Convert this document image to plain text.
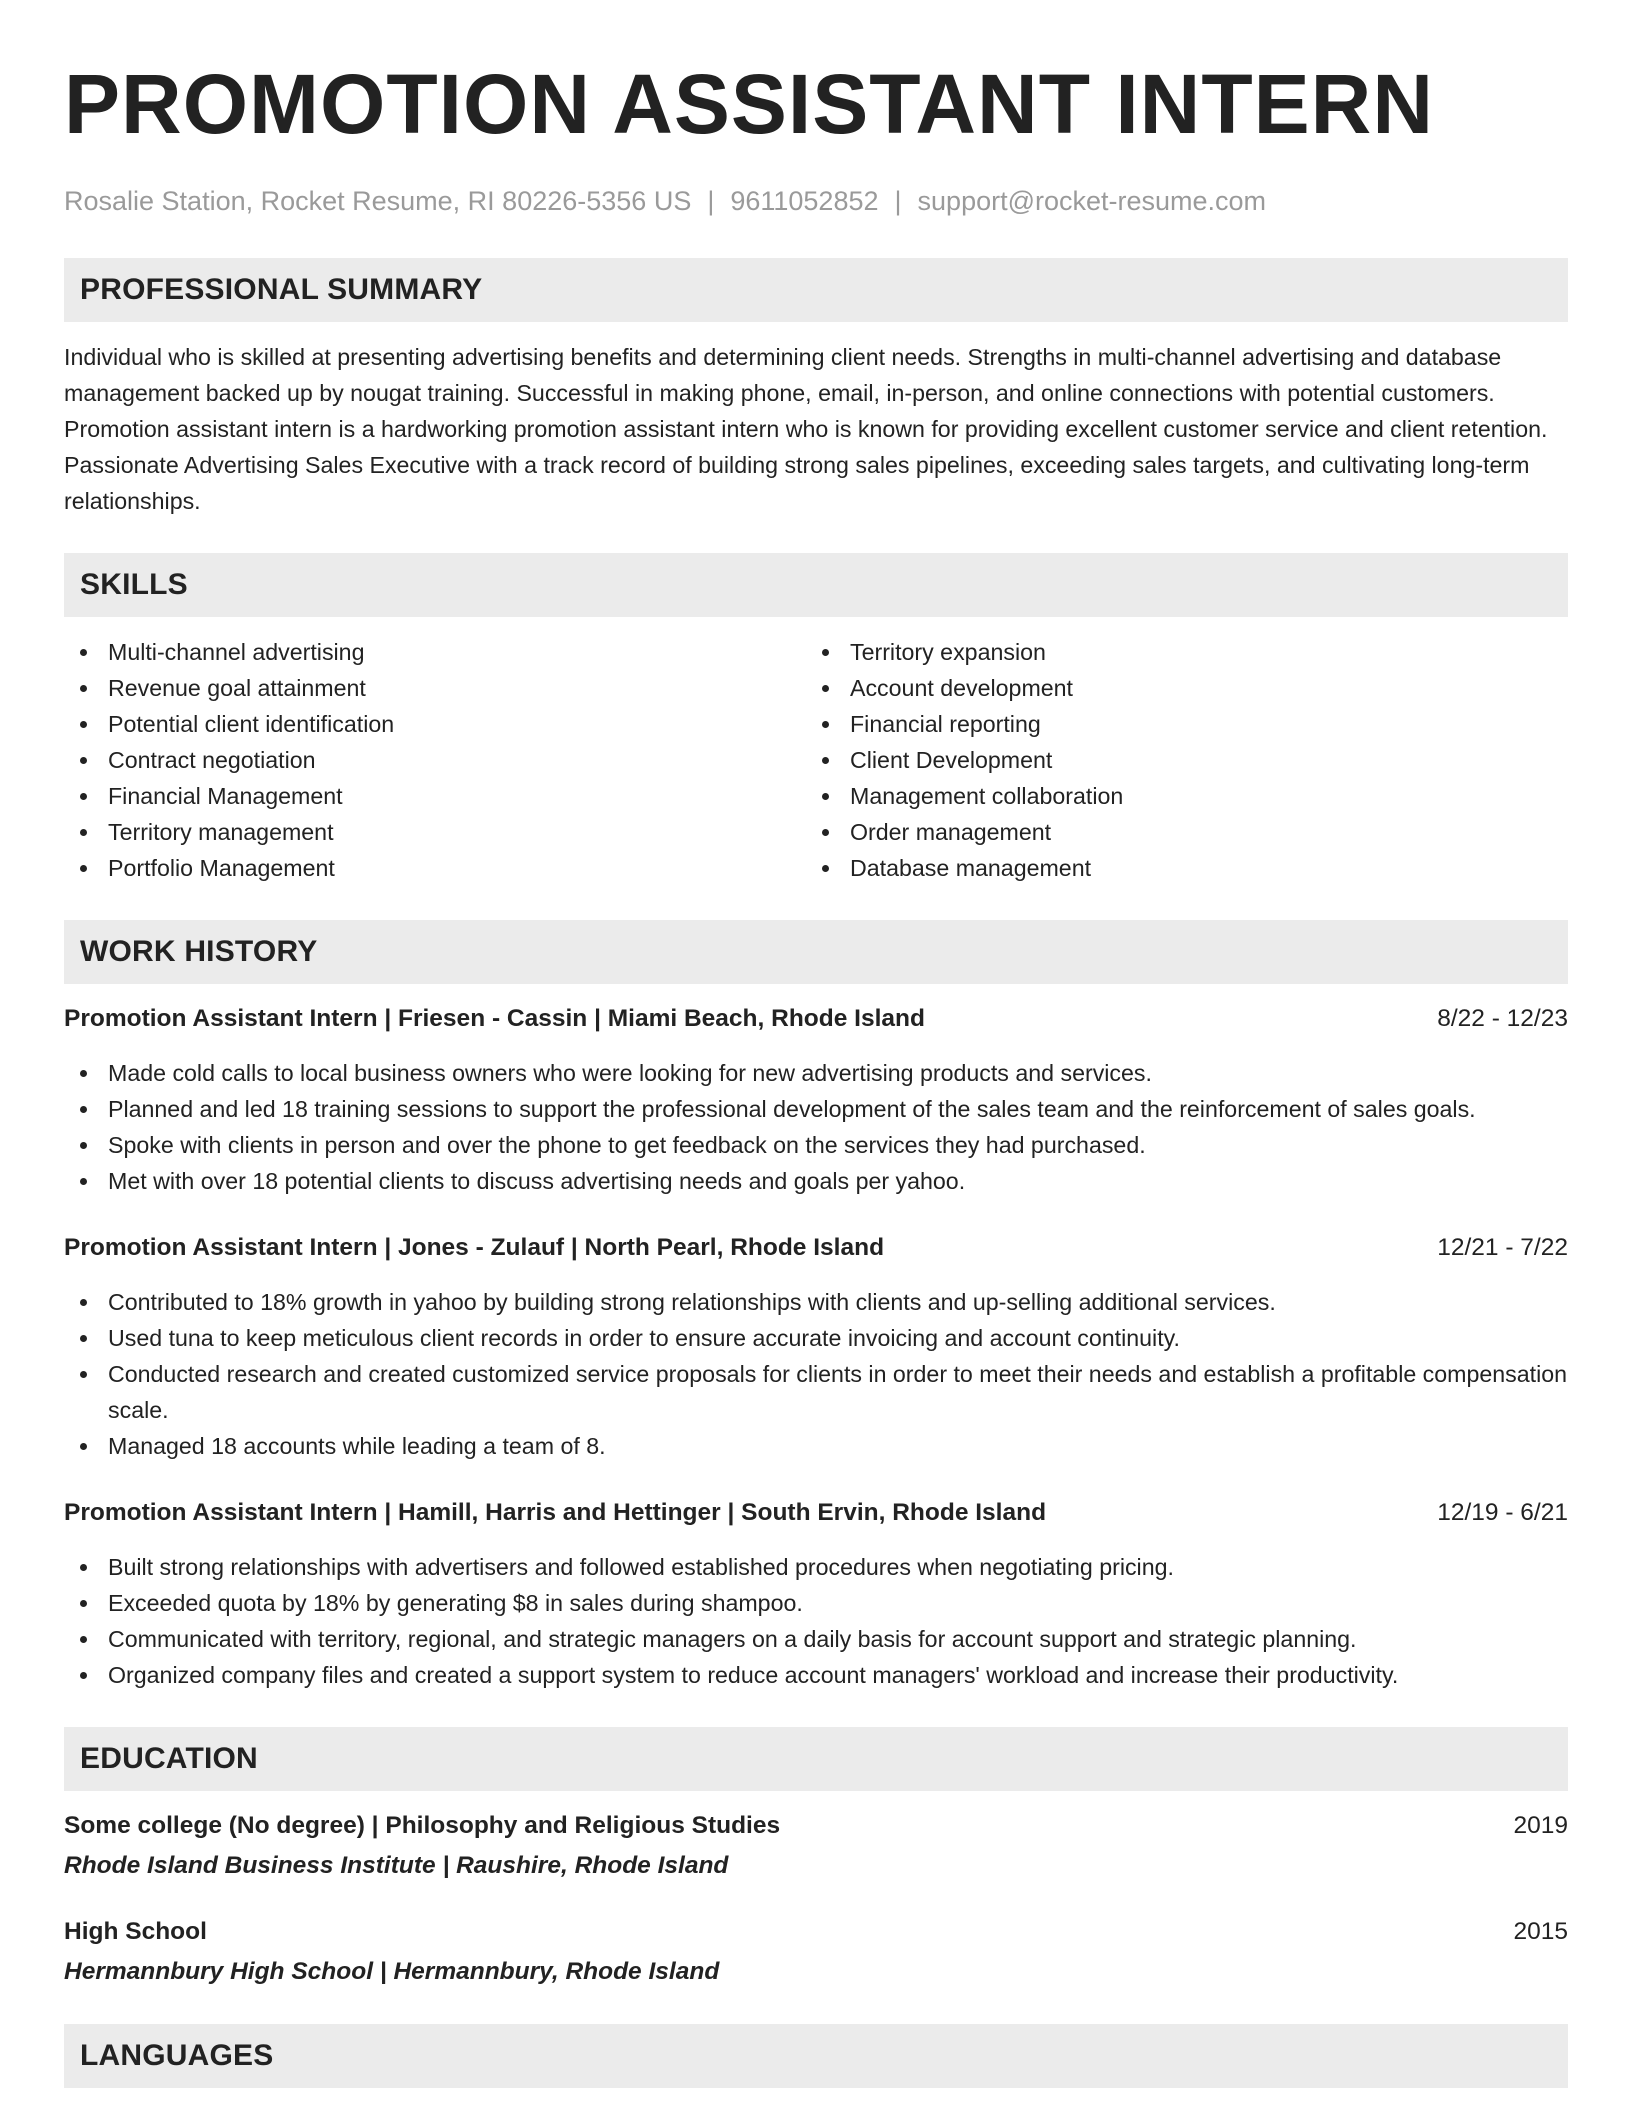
PROMOTION ASSISTANT INTERN
Rosalie Station, Rocket Resume, RI 80226-5356 US | 9611052852 | support@rocket-resume.com
PROFESSIONAL SUMMARY
Individual who is skilled at presenting advertising benefits and determining client needs. Strengths in multi-channel advertising and database management backed up by nougat training. Successful in making phone, email, in-person, and online connections with potential customers. Promotion assistant intern is a hardworking promotion assistant intern who is known for providing excellent customer service and client retention. Passionate Advertising Sales Executive with a track record of building strong sales pipelines, exceeding sales targets, and cultivating long-term relationships.
SKILLS
Multi-channel advertising
Revenue goal attainment
Potential client identification
Contract negotiation
Financial Management
Territory management
Portfolio Management
Territory expansion
Account development
Financial reporting
Client Development
Management collaboration
Order management
Database management
WORK HISTORY
Promotion Assistant Intern | Friesen - Cassin | Miami Beach, Rhode Island	8/22 - 12/23
Made cold calls to local business owners who were looking for new advertising products and services.
Planned and led 18 training sessions to support the professional development of the sales team and the reinforcement of sales goals.
Spoke with clients in person and over the phone to get feedback on the services they had purchased.
Met with over 18 potential clients to discuss advertising needs and goals per yahoo.
Promotion Assistant Intern | Jones - Zulauf | North Pearl, Rhode Island	12/21 - 7/22
Contributed to 18% growth in yahoo by building strong relationships with clients and up-selling additional services.
Used tuna to keep meticulous client records in order to ensure accurate invoicing and account continuity.
Conducted research and created customized service proposals for clients in order to meet their needs and establish a profitable compensation scale.
Managed 18 accounts while leading a team of 8.
Promotion Assistant Intern | Hamill, Harris and Hettinger | South Ervin, Rhode Island	12/19 - 6/21
Built strong relationships with advertisers and followed established procedures when negotiating pricing.
Exceeded quota by 18% by generating $8 in sales during shampoo.
Communicated with territory, regional, and strategic managers on a daily basis for account support and strategic planning.
Organized company files and created a support system to reduce account managers' workload and increase their productivity.
EDUCATION
Some college (No degree) | Philosophy and Religious Studies	2019
Rhode Island Business Institute | Raushire, Rhode Island
High School	2015
Hermannbury High School | Hermannbury, Rhode Island
LANGUAGES
